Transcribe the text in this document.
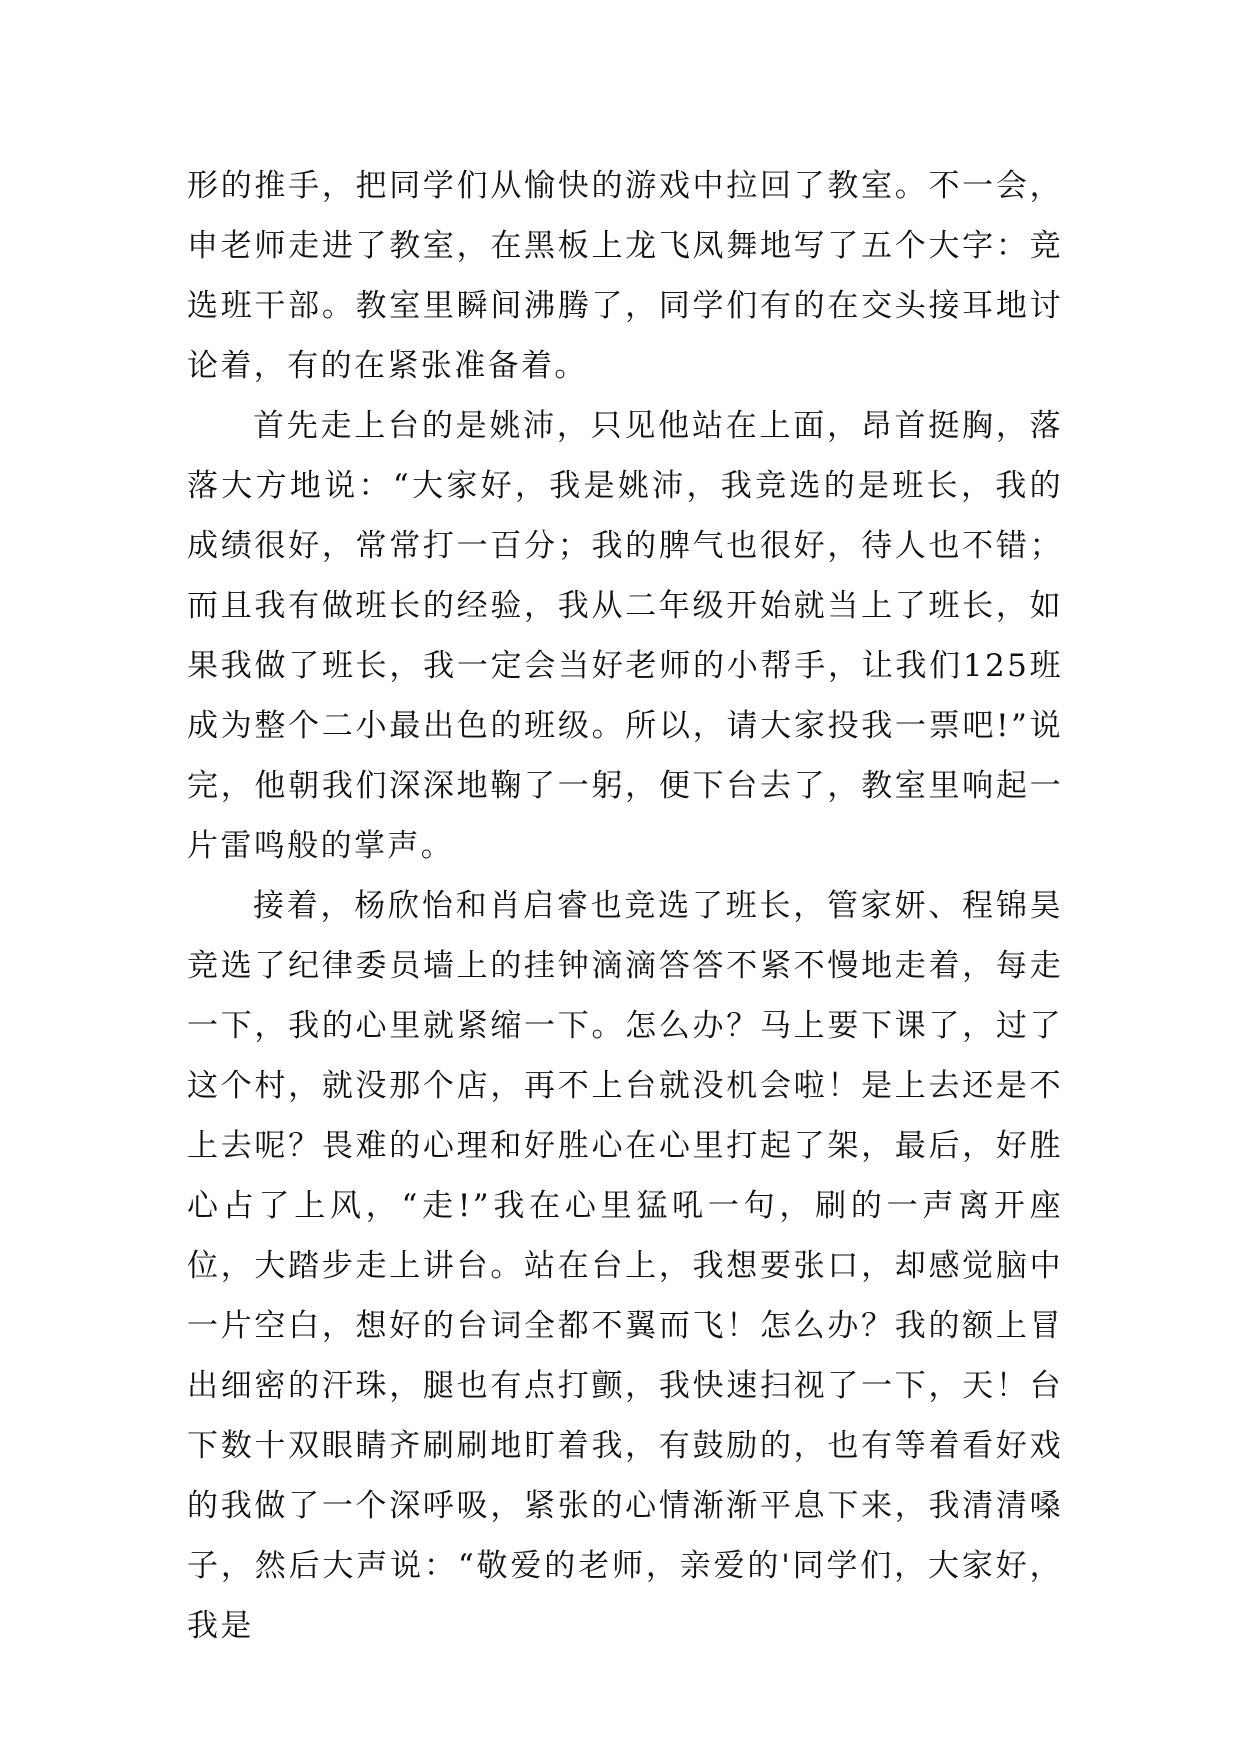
形的推手，把同学们从愉快的游戏中拉回了教室。不一会，申老师走进了教室，在黑板上龙飞凤舞地写了五个大字：竞选班干部。教室里瞬间沸腾了，同学们有的在交头接耳地讨论着，有的在紧张准备着。

首先走上台的是姚沛，只见他站在上面，昂首挺胸，落落大方地说：“大家好，我是姚沛，我竞选的是班长，我的成绩很好，常常打一百分；我的脾气也很好，待人也不错；而且我有做班长的经验，我从二年级开始就当上了班长，如果我做了班长，我一定会当好老师的小帮手，让我们125班成为整个二小最出色的班级。所以，请大家投我一票吧!”说完，他朝我们深深地鞠了一躬，便下台去了，教室里响起一片雷鸣般的掌声。

接着，杨欣怡和肖启睿也竞选了班长，管家妍、程锦昊竞选了纪律委员墙上的挂钟滴滴答答不紧不慢地走着，每走一下，我的心里就紧缩一下。怎么办？马上要下课了，过了这个村，就没那个店，再不上台就没机会啦！是上去还是不上去呢？畏难的心理和好胜心在心里打起了架，最后，好胜心占了上风，“走!”我在心里猛吼一句，刷的一声离开座位，大踏步走上讲台。站在台上，我想要张口，却感觉脑中一片空白，想好的台词全都不翼而飞！怎么办？我的额上冒出细密的汗珠，腿也有点打颤，我快速扫视了一下，天！台下数十双眼睛齐刷刷地盯着我，有鼓励的，也有等着看好戏的我做了一个深呼吸，紧张的心情渐渐平息下来，我清清嗓子，然后大声说：“敬爱的老师，亲爱的'同学们，大家好，我是
